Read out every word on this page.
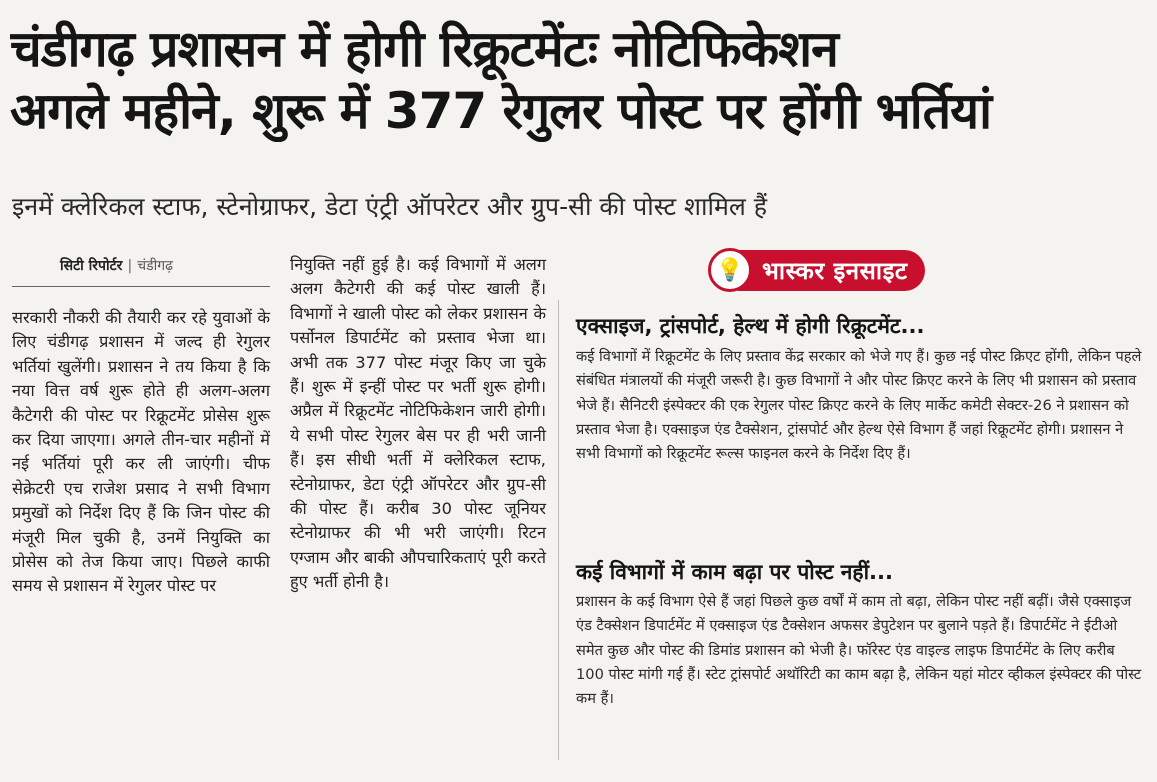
चंडीगढ़ प्रशासन में होगी रिक्रूटमेंटः नोटिफिकेशन
अगले महीने, शुरू में 377 रेगुलर पोस्ट पर होंगी भर्तियां
इनमें क्लेरिकल स्टाफ, स्टेनोग्राफर, डेटा एंट्री ऑपरेटर और ग्रुप-सी की पोस्ट शामिल हैं
सिटी रिपोर्टर | चंडीगढ़

सरकारी नौकरी की तैयारी कर रहे युवाओं के लिए चंडीगढ़ प्रशासन में जल्द ही रेगुलर भर्तियां खुलेंगी। प्रशासन ने तय किया है कि नया वित्त वर्ष शुरू होते ही अलग-अलग कैटेगरी की पोस्ट पर रिक्रूटमेंट प्रोसेस शुरू कर दिया जाएगा। अगले तीन-चार महीनों में नई भर्तियां पूरी कर ली जाएंगी। चीफ सेक्रेटरी एच राजेश प्रसाद ने सभी विभाग प्रमुखों को निर्देश दिए हैं कि जिन पोस्ट की मंजूरी मिल चुकी है, उनमें नियुक्ति का प्रोसेस को तेज किया जाए। पिछले काफी समय से प्रशासन में रेगुलर पोस्ट पर

नियुक्ति नहीं हुई है। कई विभागों में अलग अलग कैटेगरी की कई पोस्ट खाली हैं। विभागों ने खाली पोस्ट को लेकर प्रशासन के पर्सोनल डिपार्टमेंट को प्रस्ताव भेजा था। अभी तक 377 पोस्ट मंजूर किए जा चुके हैं। शुरू में इन्हीं पोस्ट पर भर्ती शुरू होगी। अप्रैल में रिक्रूटमेंट नोटिफिकेशन जारी होगी। ये सभी पोस्ट रेगुलर बेस पर ही भरी जानी हैं। इस सीधी भर्ती में क्लेरिकल स्टाफ, स्टेनोग्राफर, डेटा एंट्री ऑपरेटर और ग्रुप-सी की पोस्ट हैं। करीब 30 पोस्ट जूनियर स्टेनोग्राफर की भी भरी जाएंगी। रिटन एग्जाम और बाकी औपचारिकताएं पूरी करते हुए भर्ती होनी है।

💡 भास्कर इनसाइट
एक्साइज, ट्रांसपोर्ट, हेल्थ में होगी रिक्रूटमेंट...

कई विभागों में रिक्रूटमेंट के लिए प्रस्ताव केंद्र सरकार को भेजे गए हैं। कुछ नई पोस्ट क्रिएट होंगी, लेकिन पहले संबंधित मंत्रालयों की मंजूरी जरूरी है। कुछ विभागों ने और पोस्ट क्रिएट करने के लिए भी प्रशासन को प्रस्ताव भेजे हैं। सैनिटरी इंस्पेक्टर की एक रेगुलर पोस्ट क्रिएट करने के लिए मार्केट कमेटी सेक्टर-26 ने प्रशासन को प्रस्ताव भेजा है। एक्साइज एंड टैक्सेशन, ट्रांसपोर्ट और हेल्थ ऐसे विभाग हैं जहां रिक्रूटमेंट होगी। प्रशासन ने सभी विभागों को रिक्रूटमेंट रूल्स फाइनल करने के निर्देश दिए हैं।

कई विभागों में काम बढ़ा पर पोस्ट नहीं...

प्रशासन के कई विभाग ऐसे हैं जहां पिछले कुछ वर्षों में काम तो बढ़ा, लेकिन पोस्ट नहीं बढ़ीं। जैसे एक्साइज एंड टैक्सेशन डिपार्टमेंट में एक्साइज एंड टैक्सेशन अफसर डेपुटेशन पर बुलाने पड़ते हैं। डिपार्टमेंट ने ईटीओ समेत कुछ और पोस्ट की डिमांड प्रशासन को भेजी है। फॉरेस्ट एंड वाइल्ड लाइफ डिपार्टमेंट के लिए करीब 100 पोस्ट मांगी गई हैं। स्टेट ट्रांसपोर्ट अथॉरिटी का काम बढ़ा है, लेकिन यहां मोटर व्हीकल इंस्पेक्टर की पोस्ट कम हैं।
